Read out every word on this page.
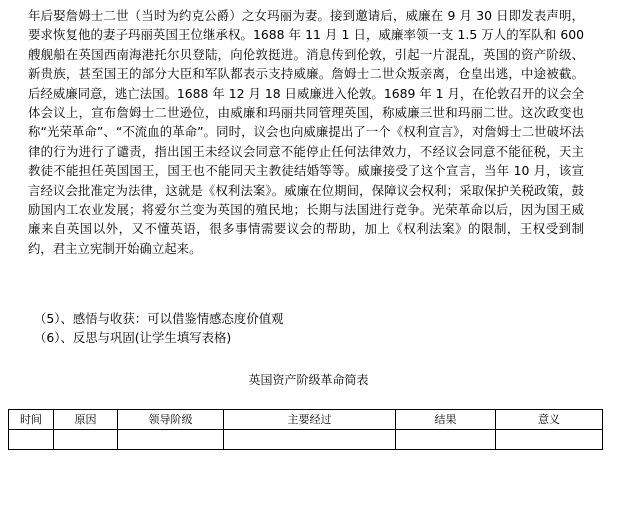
年后娶詹姆士二世（当时为约克公爵）之女玛丽为妻。接到邀请后，威廉在 9 月 30 日即发表声明，要求恢复他的妻子玛丽英国王位继承权。1688 年 11 月 1 日，威廉率领一支 1.5 万人的军队和 600 艘舰船在英国西南海港托尔贝登陆，向伦敦挺进。消息传到伦敦，引起一片混乱，英国的资产阶级、新贵族，甚至国王的部分大臣和军队都表示支持威廉。詹姆士二世众叛亲离，仓皇出逃，中途被截。后经威廉同意，逃亡法国。1688 年 12 月 18 日威廉进入伦敦。1689 年 1 月，在伦敦召开的议会全体会议上，宣布詹姆士二世逊位，由威廉和玛丽共同管理英国，称威廉三世和玛丽二世。这次政变也称“光荣革命”、“不流血的革命”。同时，议会也向威廉提出了一个《权利宣言》，对詹姆士二世破坏法律的行为进行了谴责，指出国王未经议会同意不能停止任何法律效力，不经议会同意不能征税，天主教徒不能担任英国国王，国王也不能同天主教徒结婚等等。威廉接受了这个宣言，当年 10 月，该宣言经议会批准定为法律，这就是《权利法案》。威廉在位期间，保障议会权利；采取保护关税政策，鼓励国内工农业发展；将爱尔兰变为英国的殖民地；长期与法国进行竞争。光荣革命以后，因为国王威廉来自英国以外，又不懂英语，很多事情需要议会的帮助，加上《权利法案》的限制，王权受到制约，君主立宪制开始确立起来。

（5）、感悟与收获：可以借鉴情感态度价值观

（6）、反思与巩固(让学生填写表格)

英国资产阶级革命简表
时间	原因	领导阶级	主要经过	结果	意义
